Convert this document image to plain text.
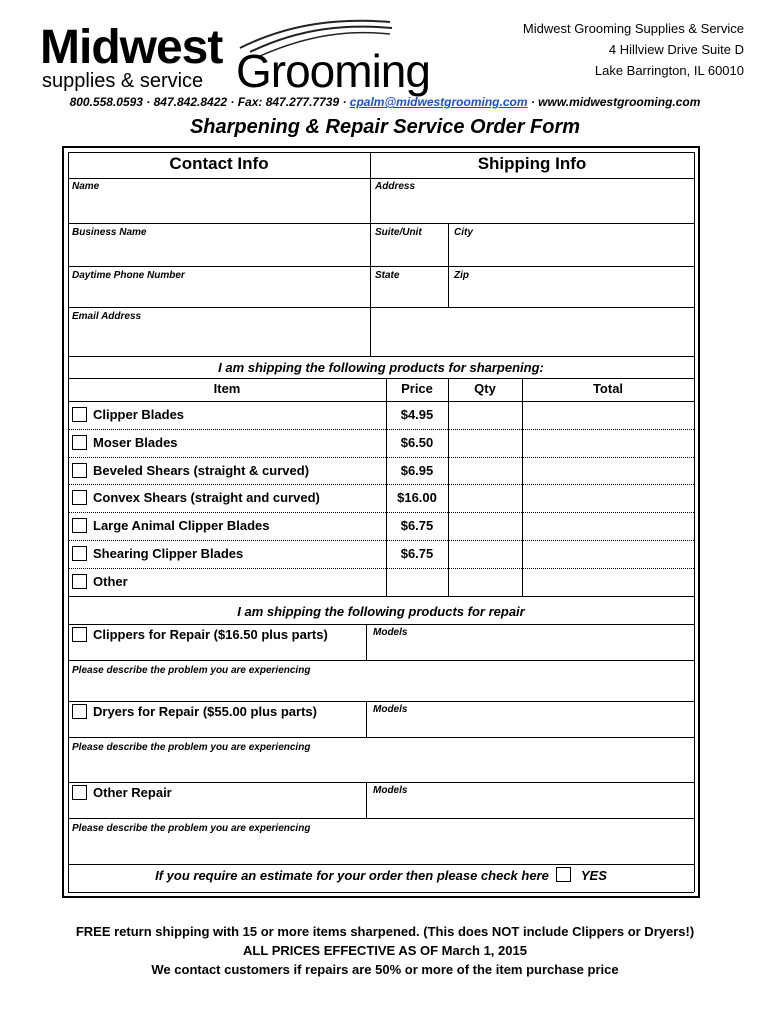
Midwest Grooming
supplies & service
Midwest Grooming Supplies & Service
4 Hillview Drive Suite D
Lake Barrington, IL 60010
800.558.0593 · 847.842.8422 · Fax: 847.277.7739 · cpalm@midwestgrooming.com · www.midwestgrooming.com
Sharpening & Repair Service Order Form
Contact Info	Shipping Info
Name	Address
Business Name	Suite/Unit	City
Daytime Phone Number	State	Zip
Email Address
I am shipping the following products for sharpening:
Item	Price	Qty	Total
Clipper Blades	$4.95
Moser Blades	$6.50
Beveled Shears (straight & curved)	$6.95
Convex Shears (straight and curved)	$16.00
Large Animal Clipper Blades	$6.75
Shearing Clipper Blades	$6.75
Other
I am shipping the following products for repair
Clippers for Repair ($16.50 plus parts)	Models
Please describe the problem you are experiencing
Dryers for Repair ($55.00 plus parts)	Models
Please describe the problem you are experiencing
Other Repair	Models
Please describe the problem you are experiencing
If you require an estimate for your order then please check here YES
FREE return shipping with 15 or more items sharpened. (This does NOT include Clippers or Dryers!)
ALL PRICES EFFECTIVE AS OF March 1, 2015
We contact customers if repairs are 50% or more of the item purchase price
